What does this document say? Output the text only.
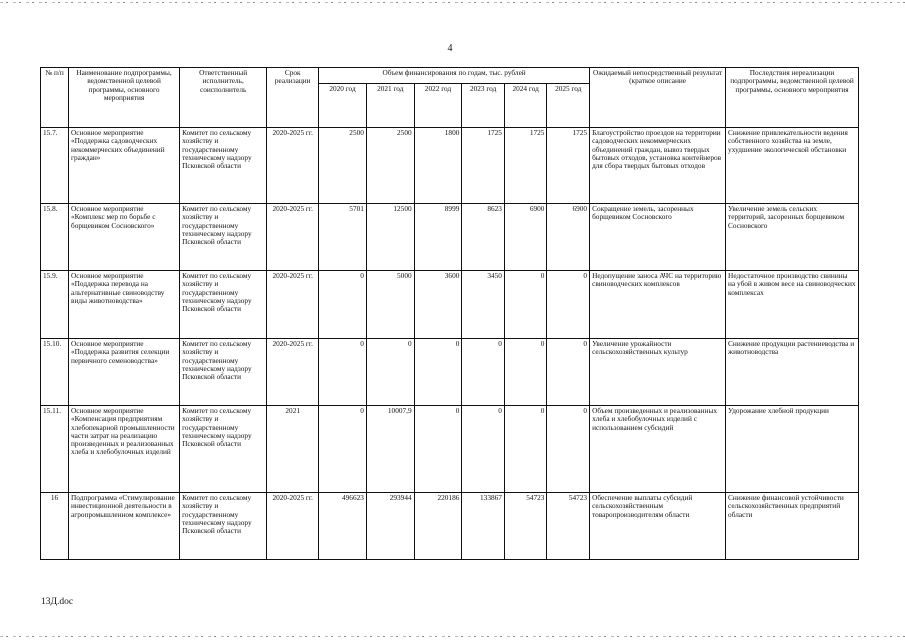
4
№ п/п	Наименование подпрограммы, ведомственной целевой программы, основного мероприятия	Ответственный исполнитель, соисполнитель	Срок реализации	Объем финансирования по годам, тыс. рублей						Ожидаемый непосредственный результат (краткое описание	Последствия нереализации подпрограммы, ведомственной целевой программы, основного мероприятия
				2020 год	2021 год	2022 год	2023 год	2024 год	2025 год		
15.7.	Основное мероприятие «Поддержка садоводческих некоммерческих объединений граждан»	Комитет по сельскому хозяйству и государственному техническому надзору Псковской области	2020-2025 гг.	2500	2500	1800	1725	1725	1725	Благоустройство проездов на территории садоводческих некоммерческих объединений граждан, вывоз твердых бытовых отходов, установка контейнеров для сбора твердых бытовых отходов	Снижение привлекательности ведения собственного хозяйства на земле, ухудшение экологической обстановки
15.8.	Основное мероприятие «Комплекс мер по борьбе с борщевиком Сосновского»	Комитет по сельскому хозяйству и государственному техническому надзору Псковской области	2020-2025 гг.	5701	12500	8999	8623	6900	6900	Сокращение земель, засоренных борщевиком Сосновского	Увеличение земель сельских территорий, засоренных борщевиком Сосновского
15.9.	Основное мероприятие «Поддержка перевода на альтернативные свиноводству виды животноводства»	Комитет по сельскому хозяйству и государственному техническому надзору Псковской области	2020-2025 гг.	0	5000	3600	3450	0	0	Недопущение заноса АЧС на территорию свиноводческих комплексов	Недостаточное производство свинины на убой в живом весе на свиноводческих комплексах
15.10.	Основное мероприятие «Поддержка развития селекции первичного семеноводства»	Комитет по сельскому хозяйству и государственному техническому надзору Псковской области	2020-2025 гг.	0	0	0	0	0	0	Увеличение урожайности сельскохозяйственных культур	Снижение продукции растениеводства и животноводства
15.11.	Основное мероприятие «Компенсация предприятиям хлебопекарной промышленности части затрат на реализацию произведенных и реализованных хлеба и хлебобулочных изделий	Комитет по сельскому хозяйству и государственному техническому надзору Псковской области	2021	0	10007,9	0	0	0	0	Объем произведенных и реализованных хлеба и хлебобулочных изделий с использованием субсидий	Удорожание хлебной продукции
16	Подпрограмма «Стимулирование инвестиционной деятельности в агропромышленном комплексе»	Комитет по сельскому хозяйству и государственному техническому надзору Псковской области	2020-2025 гг.	496623	293944	220186	133867	54723	54723	Обеспечение выплаты субсидий сельскохозяйственным товаропроизводителям области	Снижение финансовой устойчивости сельскохозяйственных предприятий области
13Д.doc
